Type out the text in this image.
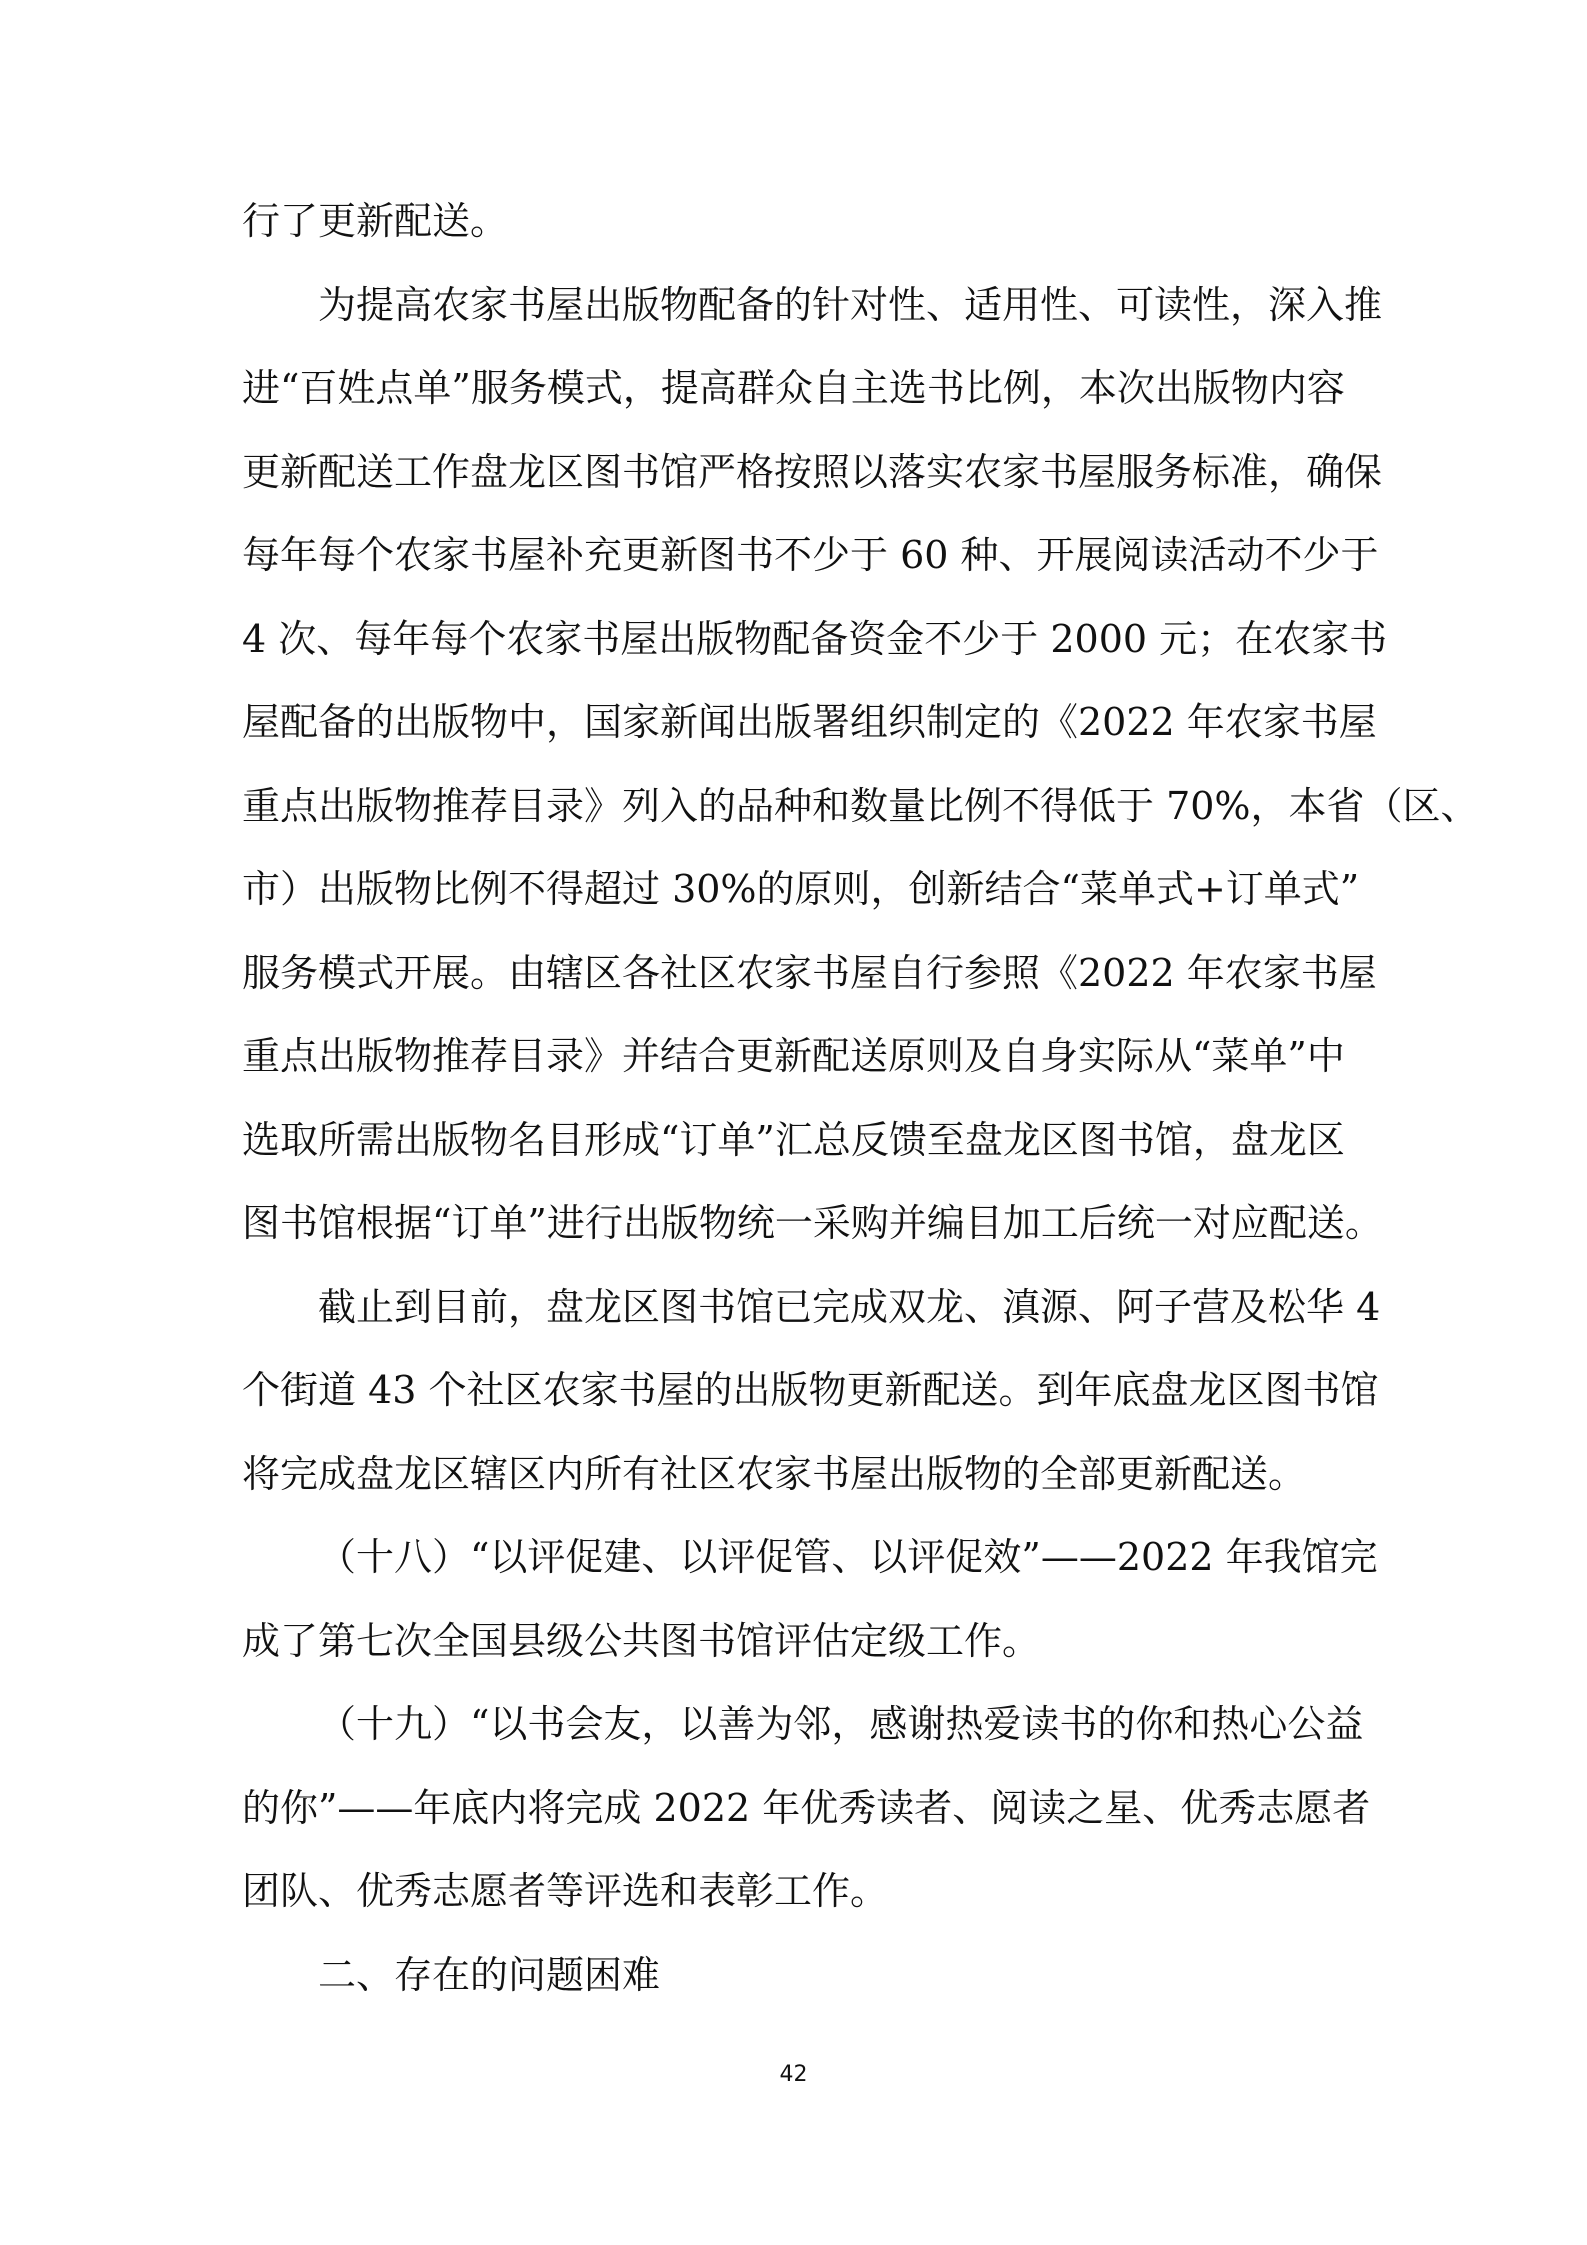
行了更新配送。

为提高农家书屋出版物配备的针对性、适用性、可读性，深入推
进“百姓点单”服务模式，提高群众自主选书比例，本次出版物内容
更新配送工作盘龙区图书馆严格按照以落实农家书屋服务标准，确保
每年每个农家书屋补充更新图书不少于 60 种、开展阅读活动不少于
4 次、每年每个农家书屋出版物配备资金不少于 2000 元；在农家书
屋配备的出版物中，国家新闻出版署组织制定的《2022 年农家书屋
重点出版物推荐目录》列入的品种和数量比例不得低于 70%，本省（区、
市）出版物比例不得超过 30%的原则，创新结合“菜单式+订单式”
服务模式开展。由辖区各社区农家书屋自行参照《2022 年农家书屋
重点出版物推荐目录》并结合更新配送原则及自身实际从“菜单”中
选取所需出版物名目形成“订单”汇总反馈至盘龙区图书馆，盘龙区
图书馆根据“订单”进行出版物统一采购并编目加工后统一对应配送。

截止到目前，盘龙区图书馆已完成双龙、滇源、阿子营及松华 4
个街道 43 个社区农家书屋的出版物更新配送。到年底盘龙区图书馆
将完成盘龙区辖区内所有社区农家书屋出版物的全部更新配送。

（十八）“以评促建、以评促管、以评促效”——2022 年我馆完
成了第七次全国县级公共图书馆评估定级工作。

（十九）“以书会友，以善为邻，感谢热爱读书的你和热心公益
的你”——年底内将完成 2022 年优秀读者、阅读之星、优秀志愿者
团队、优秀志愿者等评选和表彰工作。

二、存在的问题困难

42
